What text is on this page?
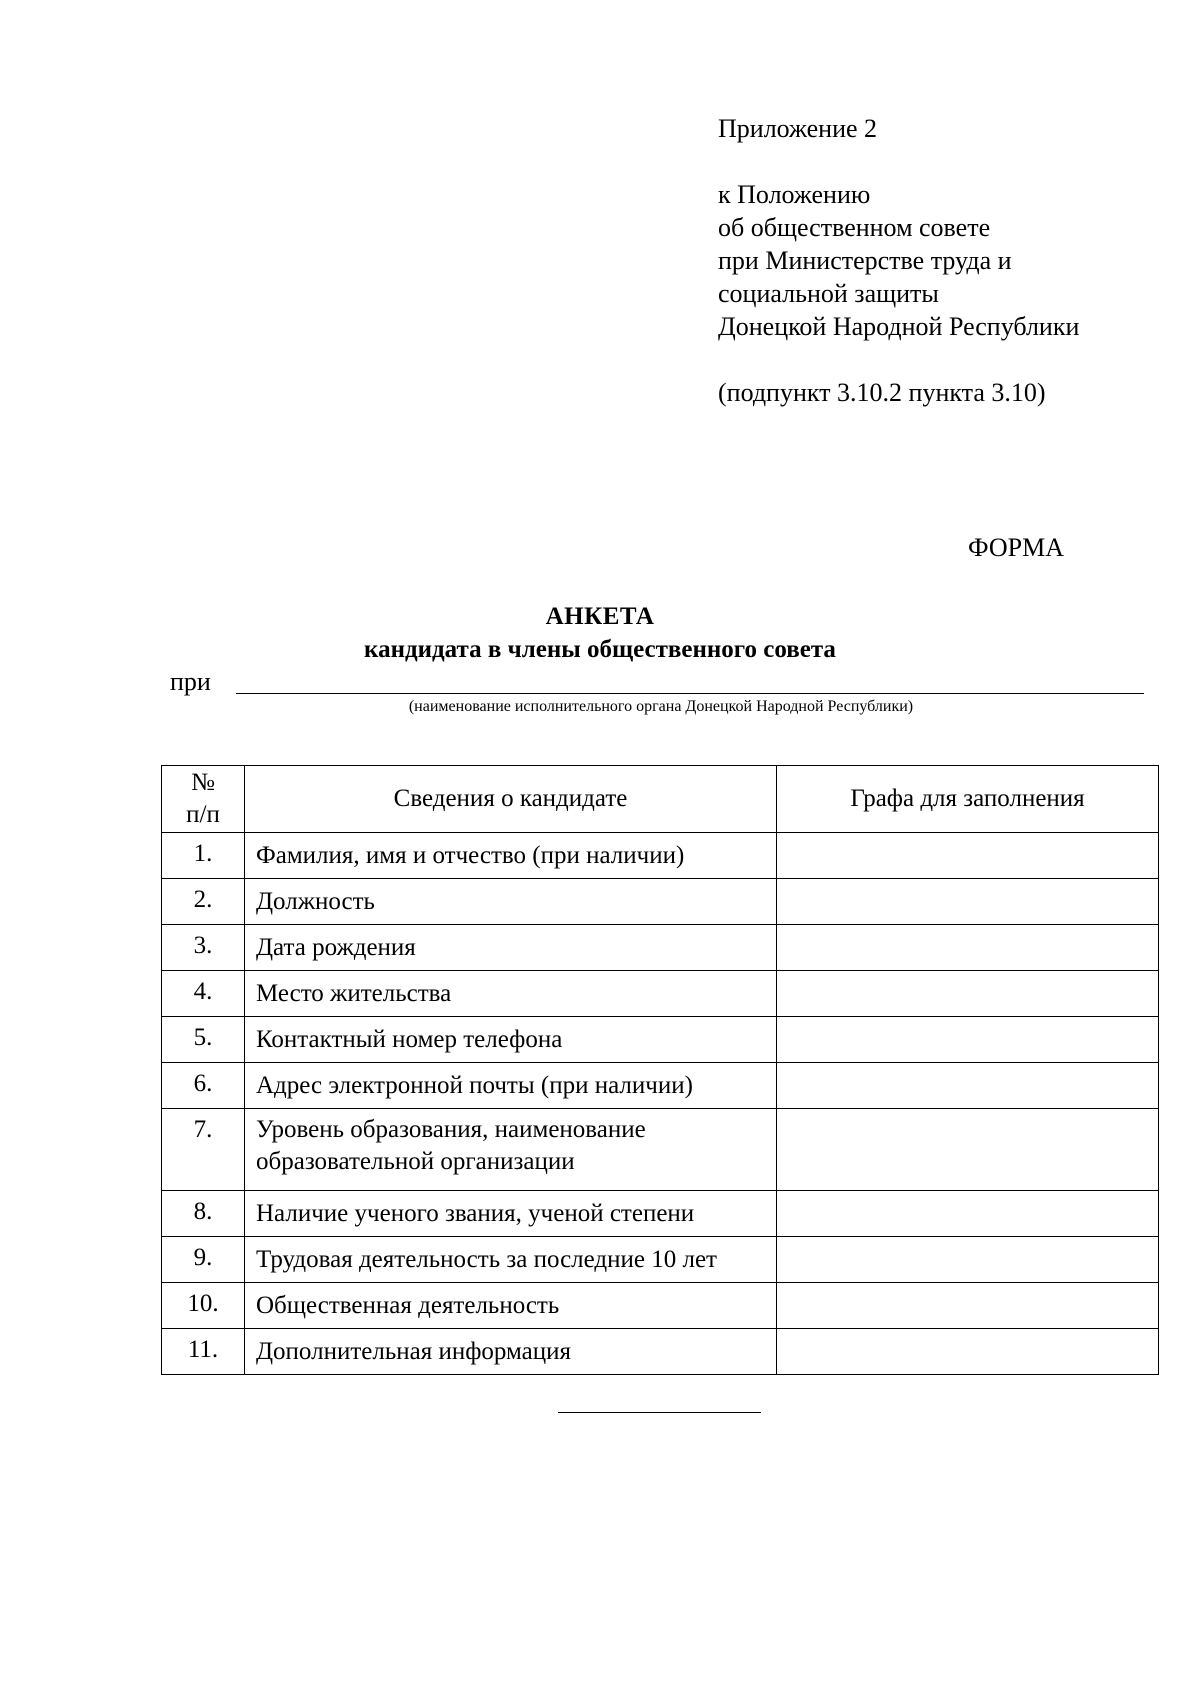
Приложение 2
к Положению
об общественном совете
при Министерстве труда и
социальной защиты
Донецкой Народной Республики
(подпункт 3.10.2 пункта 3.10)
ФОРМА
АНКЕТА
кандидата в члены общественного совета
при
(наименование исполнительного органа Донецкой Народной Республики)
№
п/п	Сведения о кандидате	Графа для заполнения
1.	Фамилия, имя и отчество (при наличии)	
2.	Должность	
3.	Дата рождения	
4.	Место жительства	
5.	Контактный номер телефона	
6.	Адрес электронной почты (при наличии)	
7.	Уровень образования, наименование
образовательной организации	

8.	Наличие ученого звания, ученой степени	
9.	Трудовая деятельность за последние 10 лет	
10.	Общественная деятельность	
11.	Дополнительная информация	
